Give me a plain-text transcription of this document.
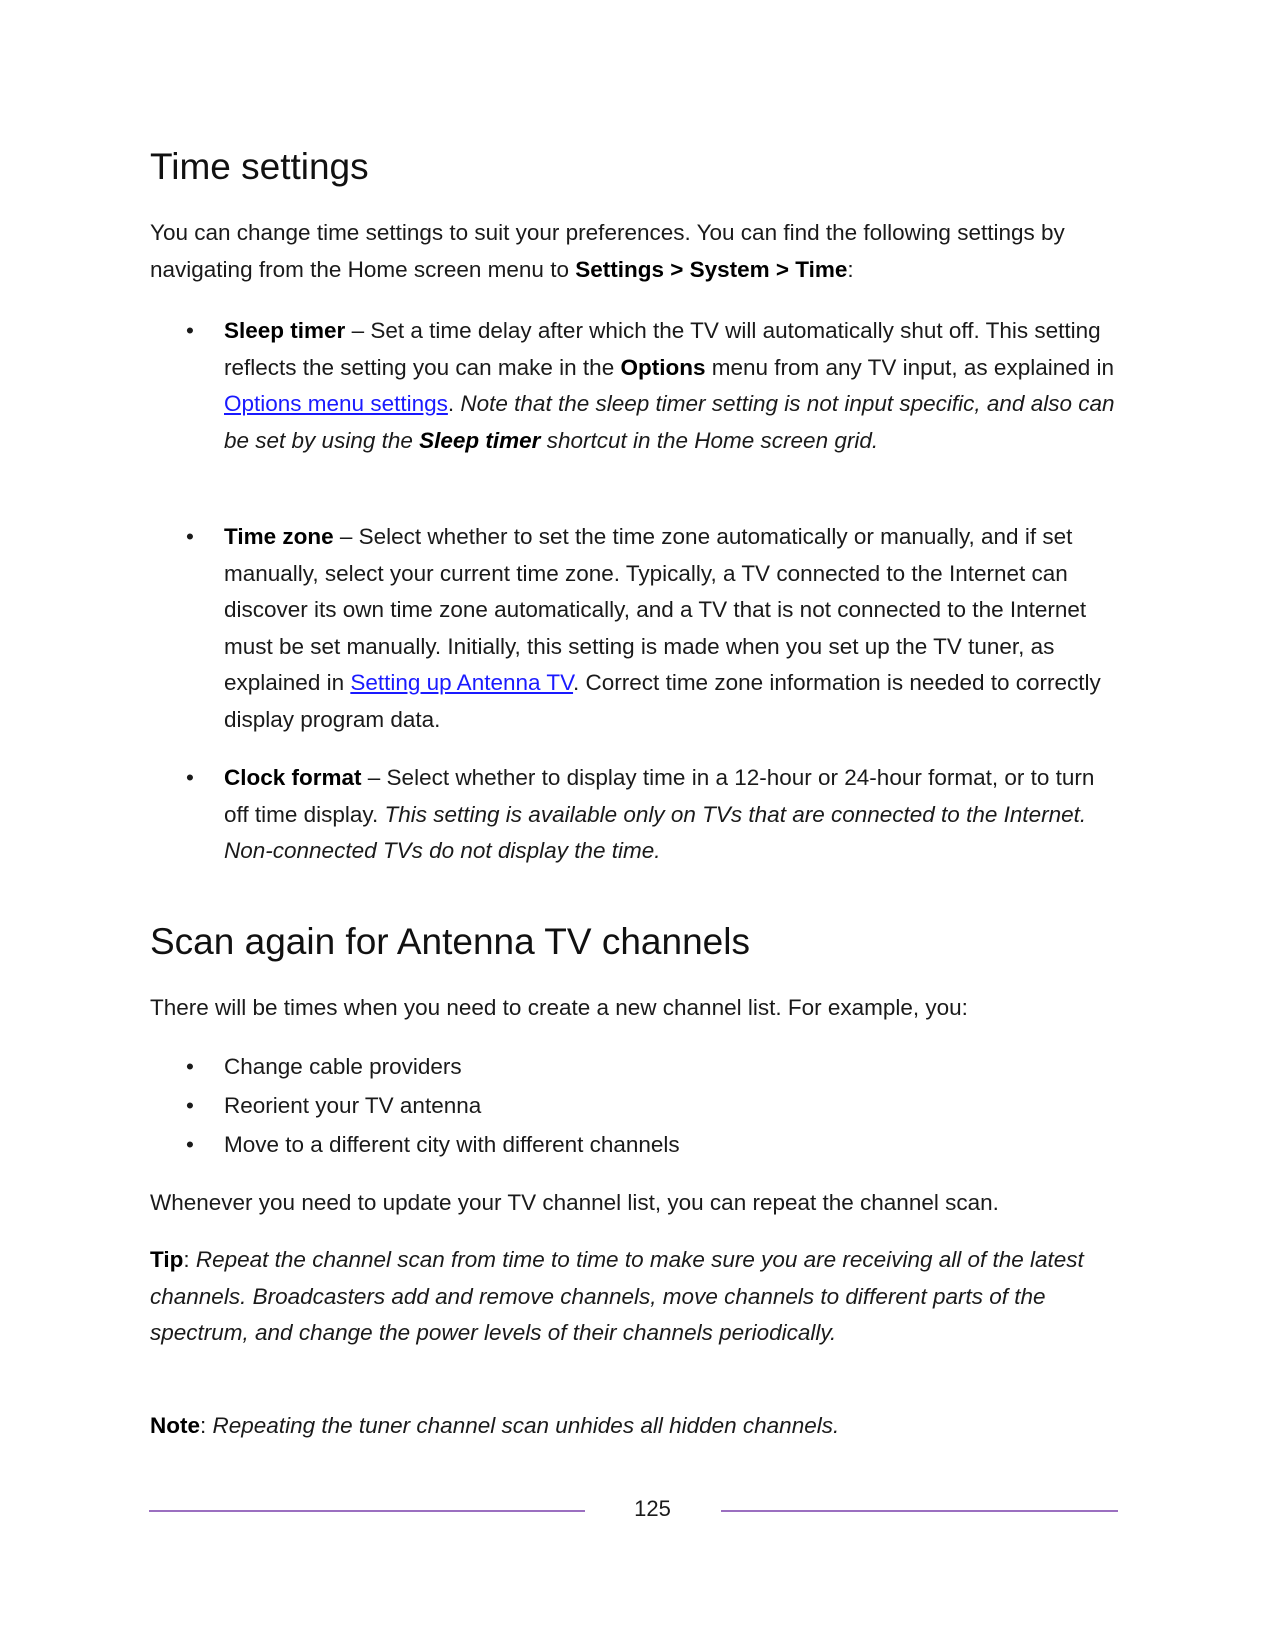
Time settings
You can change time settings to suit your preferences. You can find the following settings by navigating from the Home screen menu to Settings > System > Time:
• Sleep timer – Set a time delay after which the TV will automatically shut off. This setting reflects the setting you can make in the Options menu from any TV input, as explained in Options menu settings. Note that the sleep timer setting is not input specific, and also can be set by using the Sleep timer shortcut in the Home screen grid.
• Time zone – Select whether to set the time zone automatically or manually, and if set manually, select your current time zone. Typically, a TV connected to the Internet can discover its own time zone automatically, and a TV that is not connected to the Internet must be set manually. Initially, this setting is made when you set up the TV tuner, as explained in Setting up Antenna TV. Correct time zone information is needed to correctly display program data.
• Clock format – Select whether to display time in a 12-hour or 24-hour format, or to turn off time display. This setting is available only on TVs that are connected to the Internet. Non-connected TVs do not display the time.
Scan again for Antenna TV channels
There will be times when you need to create a new channel list. For example, you:
• Change cable providers
• Reorient your TV antenna
• Move to a different city with different channels
Whenever you need to update your TV channel list, you can repeat the channel scan.
Tip: Repeat the channel scan from time to time to make sure you are receiving all of the latest channels. Broadcasters add and remove channels, move channels to different parts of the spectrum, and change the power levels of their channels periodically.
Note: Repeating the tuner channel scan unhides all hidden channels.
125
